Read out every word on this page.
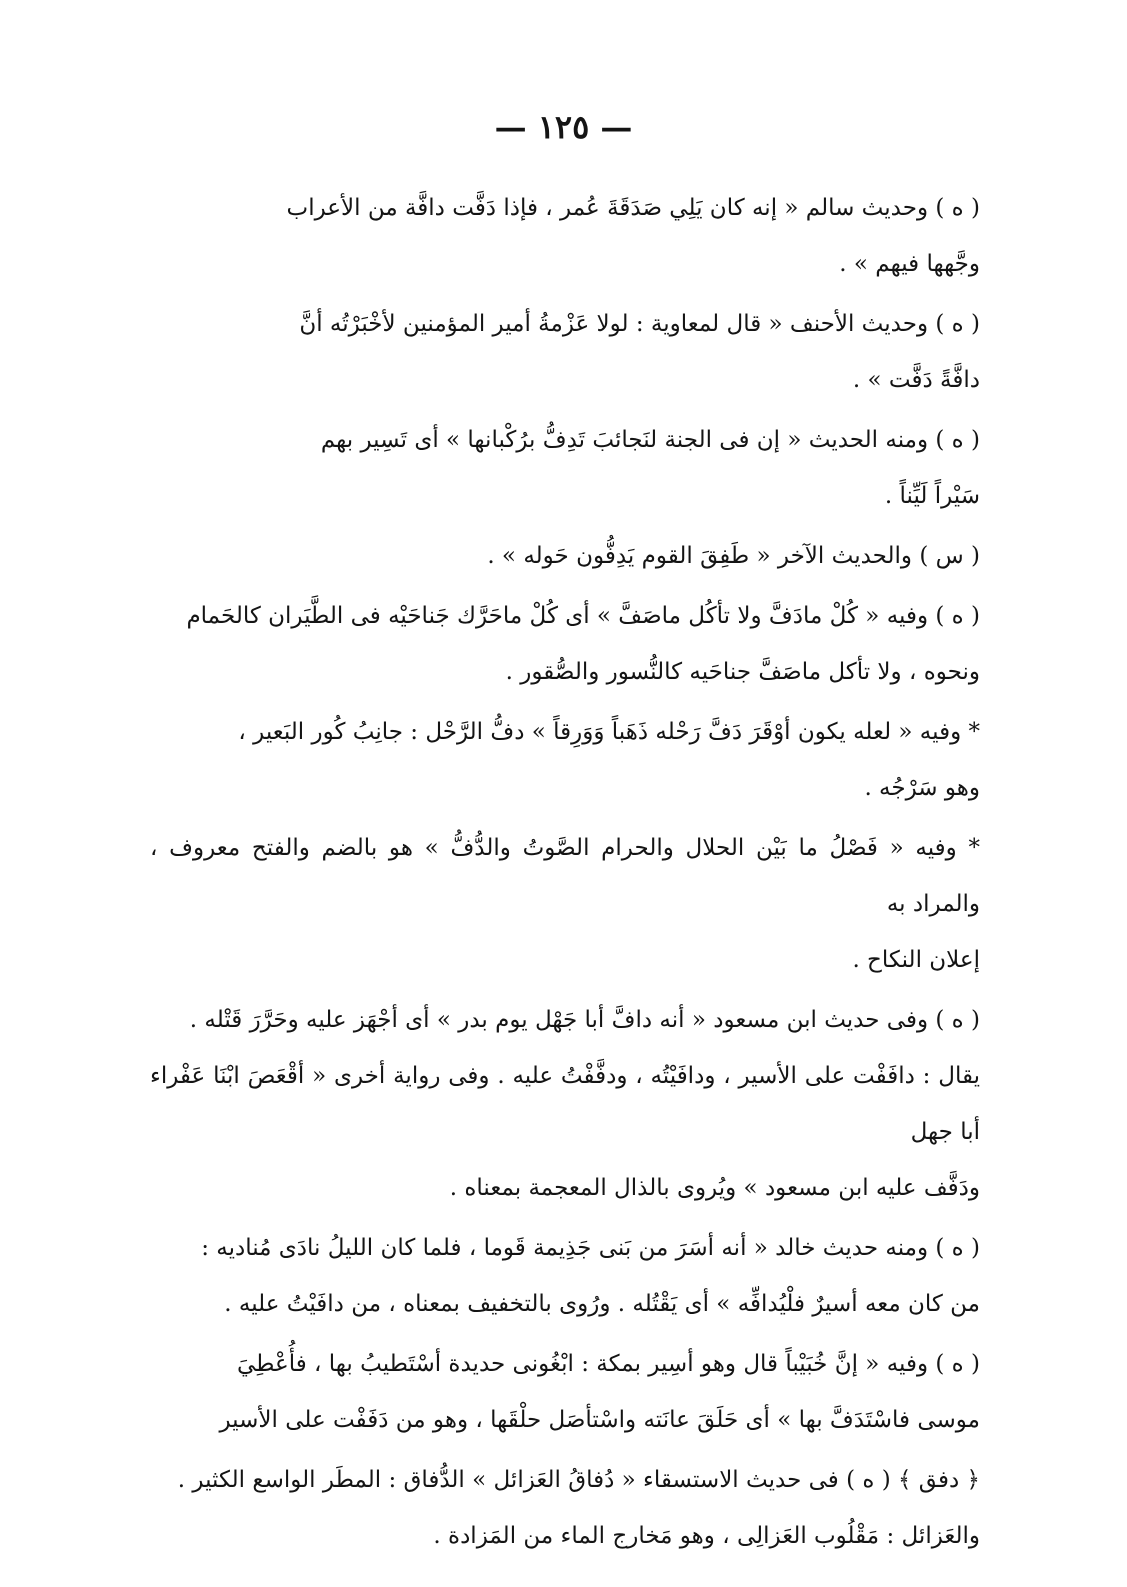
— ١٢٥ —

( ه ) وحديث سالم « إنه كان يَلِي صَدَقَةَ عُمر ، فإذا دَفَّت دافَّة من الأعراب
وجَّهها فيهم » .

( ه ) وحديث الأحنف « قال لمعاوية : لولا عَزْمةُ أمير المؤمنين لأخْبَرْتُه أنَّ
دافَّةً دَفَّت » .

( ه ) ومنه الحديث « إن فى الجنة لنَجائبَ تَدِفُّ برُكْبانها » أى تَسِير بهم
سَيْراً لَيِّناً .

( س ) والحديث الآخر « طَفِقَ القوم يَدِفُّون حَوله » .

( ه ) وفيه « كُلْ مادَفَّ ولا تأكُل ماصَفَّ » أى كُلْ ماحَرَّك جَناحَيْه فى الطَّيَران كالحَمام
ونحوه ، ولا تأكل ماصَفَّ جناحَيه كالنُّسور والصُّقور .

* وفيه « لعله يكون أوْقَرَ دَفَّ رَحْله ذَهَباً وَوَرِقاً » دفُّ الرَّحْل : جانِبُ كُور البَعير ،
وهو سَرْجُه .

* وفيه « فَصْلُ ما بَيْن الحلال والحرام الصَّوتُ والدُّفُّ » هو بالضم والفتح معروف ، والمراد به
إعلان النكاح .

( ه ) وفى حديث ابن مسعود « أنه دافَّ أبا جَهْل يوم بدر » أى أجْهَز عليه وحَرَّرَ قَتْله .
يقال : دافَفْت على الأسير ، ودافَيْتُه ، ودفَّفْتُ عليه . وفى رواية أخرى « أقْعَصَ ابْنَا عَفْراء أبا جهل
ودَفَّف عليه ابن مسعود » ويُروى بالذال المعجمة بمعناه .

( ه ) ومنه حديث خالد « أنه أسَرَ من بَنى جَذِيمة قَوما ، فلما كان الليلُ نادَى مُناديه :
من كان معه أسيرٌ فلْيُدافِّه » أى يَقْتُله . ورُوى بالتخفيف بمعناه ، من دافَيْتُ عليه .

( ه ) وفيه « إنَّ خُبَيْباً قال وهو أسِير بمكة : ابْغُونى حديدة أسْتَطيبُ بها ، فأُعْطِيَ
موسى فاسْتَدَفَّ بها » أى حَلَقَ عانَته واسْتأصَل حلْقَها ، وهو من دَفَفْت على الأسير

﴿ دفق ﴾ ( ه ) فى حديث الاستسقاء « دُفاقُ العَزائل » الدُّفاق : المطَر الواسع الكثير .
والعَزائل : مَقْلُوب العَزالِى ، وهو مَخارج الماء من المَزادة .
